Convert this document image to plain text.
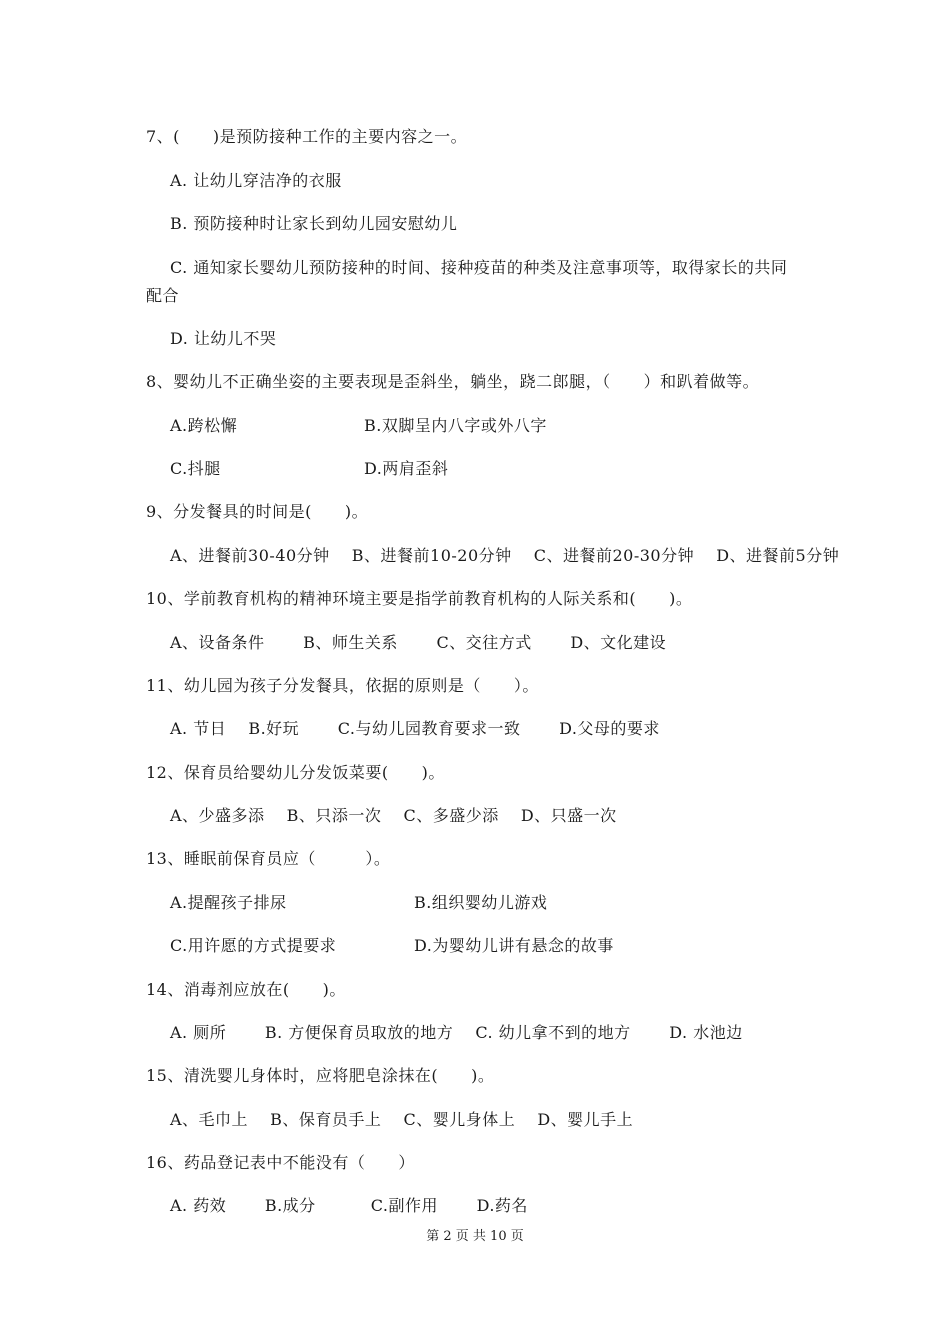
7、(　　)是预防接种工作的主要内容之一。
A. 让幼儿穿洁净的衣服
B. 预防接种时让家长到幼儿园安慰幼儿
C. 通知家长婴幼儿预防接种的时间、接种疫苗的种类及注意事项等，取得家长的共同
配合
D. 让幼儿不哭
8、婴幼儿不正确坐姿的主要表现是歪斜坐，躺坐，跷二郎腿，（　　）和趴着做等。
A.跨松懈	B.双脚呈内八字或外八字
C.抖腿	D.两肩歪斜
9、分发餐具的时间是(　　)。
A、进餐前30-40分钟　 B、进餐前10-20分钟　 C、进餐前20-30分钟　 D、进餐前5分钟
10、学前教育机构的精神环境主要是指学前教育机构的人际关系和(　　)。
A、设备条件　　 B、师生关系　　 C、交往方式　　 D、文化建设
11、幼儿园为孩子分发餐具，依据的原则是（　　）。
A. 节日　 B.好玩　　 C.与幼儿园教育要求一致　　 D.父母的要求
12、保育员给婴幼儿分发饭菜要(　　)。
A、少盛多添　 B、只添一次　 C、多盛少添　 D、只盛一次
13、睡眠前保育员应（　　　）。
A.提醒孩子排尿	B.组织婴幼儿游戏
C.用许愿的方式提要求	D.为婴幼儿讲有悬念的故事
14、消毒剂应放在(　　)。
A. 厕所　　 B. 方便保育员取放的地方　 C. 幼儿拿不到的地方　　 D. 水池边
15、清洗婴儿身体时，应将肥皂涂抹在(　　)。
A、毛巾上　 B、保育员手上　 C、婴儿身体上　 D、婴儿手上
16、药品登记表中不能没有（　　）
A. 药效　　 B.成分　　　 C.副作用　　 D.药名
第 2 页 共 10 页
